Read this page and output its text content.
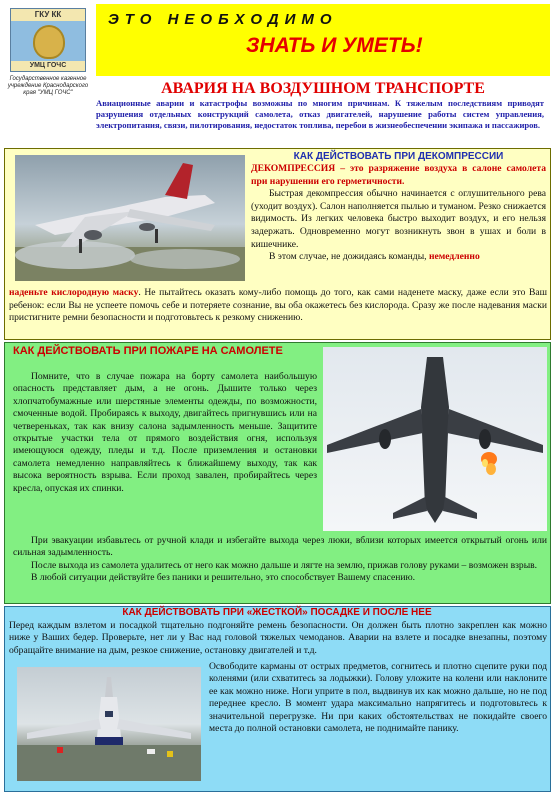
ГКУ КК
УМЦ ГОЧС
Государственное казенное учреждение Краснодарского края "УМЦ ГОЧС"
ЭТО НЕОБХОДИМО
ЗНАТЬ И УМЕТЬ!
АВАРИЯ НА ВОЗДУШНОМ ТРАНСПОРТЕ
Авиационные аварии и катастрофы возможны по многим причинам. К тяжелым последствиям приводят разрушения отдельных конструкций самолета, отказ двигателей, нарушение работы систем управления, электропитания, связи, пилотирования, недостаток топлива, перебои в жизнеобеспечении экипажа и пассажиров.
КАК ДЕЙСТВОВАТЬ ПРИ ДЕКОМПРЕССИИ

ДЕКОМПРЕССИЯ – это разряжение воздуха в салоне самолета при нарушении его герметичности.

Быстрая декомпрессия обычно начинается с оглушительного рева (уходит воздух). Салон наполняется пылью и туманом. Резко снижается видимость. Из легких человека быстро выходит воздух, и его нельзя задержать. Одновременно могут возникнуть звон в ушах и боли в кишечнике.

В этом случае, не дожидаясь команды, немедленно

наденьте кислородную маску. Не пытайтесь оказать кому-либо помощь до того, как сами наденете маску, даже если это Ваш ребенок: если Вы не успеете помочь себе и потеряете сознание, вы оба окажетесь без кислорода. Сразу же после надевания маски пристигните ремни безопасности и подготовьтесь к резкому снижению.
КАК ДЕЙСТВОВАТЬ ПРИ ПОЖАРЕ НА САМОЛЕТЕ

Помните, что в случае пожара на борту самолета наибольшую опасность представляет дым, а не огонь. Дышите только через хлопчатобумажные или шерстяные элементы одежды, по возможности, смоченные водой. Пробираясь к выходу, двигайтесь пригнувшись или на четвереньках, так как внизу салона задымленность меньше. Защитите открытые участки тела от прямого воздействия огня, используя имеющуюся одежду, пледы и т.д. После приземления и остановки самолета немедленно направляйтесь к ближайшему выходу, так как высока вероятность взрыва. Если проход завален, пробирайтесь через кресла, опуская их спинки.

При эвакуации избавьтесь от ручной клади и избегайте выхода через люки, вблизи которых имеется открытый огонь или сильная задымленность.

После выхода из самолета удалитесь от него как можно дальше и лягте на землю, прижав голову руками – возможен взрыв.

В любой ситуации действуйте без паники и решительно, это способствует Вашему спасению.

КАК ДЕЙСТВОВАТЬ ПРИ «ЖЕСТКОЙ» ПОСАДКЕ И ПОСЛЕ НЕЕ
Перед каждым взлетом и посадкой тщательно подгоняйте ремень безопасности. Он должен быть плотно закреплен как можно ниже у Ваших бедер. Проверьте, нет ли у Вас над головой тяжелых чемоданов. Аварии на взлете и посадке внезапны, поэтому обращайте внимание на дым, резкое снижение, остановку двигателей и т.д.
Освободите карманы от острых предметов, согнитесь и плотно сцепите руки под коленями (или схватитесь за лодыжки). Голову уложите на колени или наклоните ее как можно ниже. Ноги уприте в пол, выдвинув их как можно дальше, но не под переднее кресло. В момент удара максимально напрягитесь и подготовьтесь к значительной перегрузке. Ни при каких обстоятельствах не покидайте своего места до полной остановки самолета, не поднимайте панику.
